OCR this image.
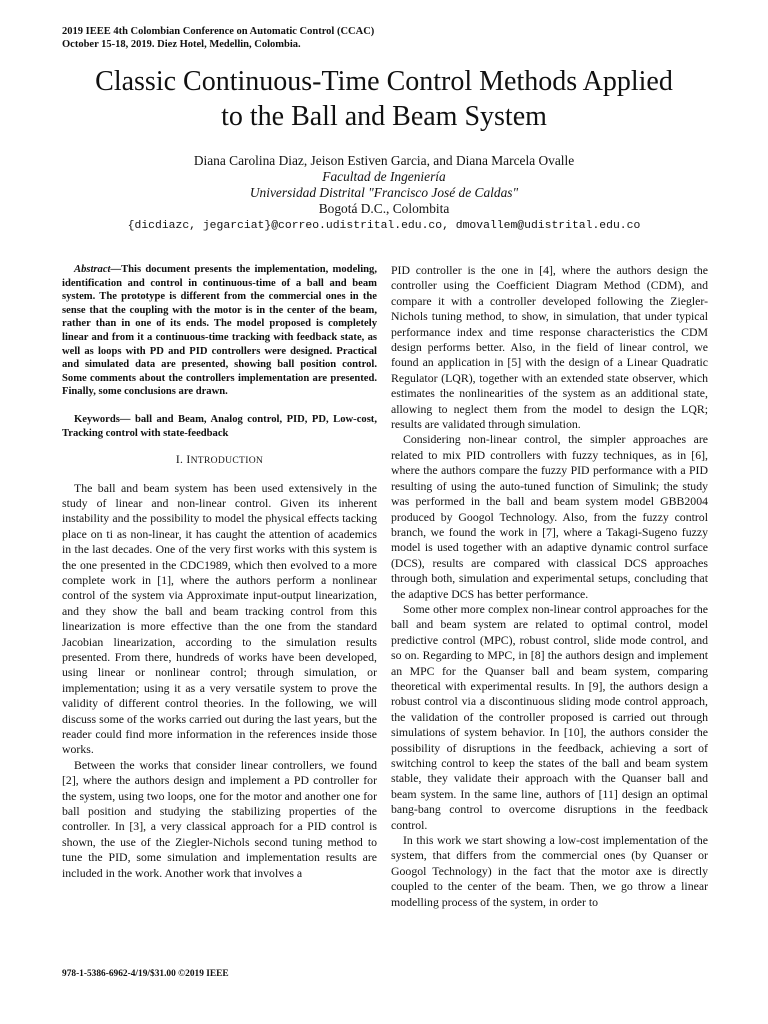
2019 IEEE 4th Colombian Conference on Automatic Control (CCAC)
October 15-18, 2019. Diez Hotel, Medellin, Colombia.
Classic Continuous-Time Control Methods Applied
to the Ball and Beam System
Diana Carolina Diaz, Jeison Estiven Garcia, and Diana Marcela Ovalle
Facultad de Ingeniería
Universidad Distrital "Francisco José de Caldas"
Bogotá D.C., Colombita
{dicdiazc, jegarciat}@correo.udistrital.edu.co, dmovallem@udistrital.edu.co

Abstract—This document presents the implementation, modeling, identification and control in continuous-time of a ball and beam system. The prototype is different from the commercial ones in the sense that the coupling with the motor is in the center of the beam, rather than in one of its ends. The model proposed is completely linear and from it a continuous-time tracking with feedback state, as well as loops with PD and PID controllers were designed. Practical and simulated data are presented, showing ball position control. Some comments about the controllers implementation are presented. Finally, some conclusions are drawn.

Keywords— ball and Beam, Analog control, PID, PD, Low-cost, Tracking control with state-feedback

I. INTRODUCTION

The ball and beam system has been used extensively in the study of linear and non-linear control. Given its inherent instability and the possibility to model the physical effects tacking place on ti as non-linear, it has caught the attention of academics in the last decades. One of the very first works with this system is the one presented in the CDC1989, which then evolved to a more complete work in [1], where the authors perform a nonlinear control of the system via Approximate input-output linearization, and they show the ball and beam tracking control from this linearization is more effective than the one from the standard Jacobian linearization, according to the simulation results presented. From there, hundreds of works have been developed, using linear or nonlinear control; through simulation, or implementation; using it as a very versatile system to prove the validity of different control theories. In the following, we will discuss some of the works carried out during the last years, but the reader could find more information in the references inside those works.

Between the works that consider linear controllers, we found [2], where the authors design and implement a PD controller for the system, using two loops, one for the motor and another one for ball position and studying the stabilizing properties of the controller. In [3], a very classical approach for a PID control is shown, the use of the Ziegler-Nichols second tuning method to tune the PID, some simulation and implementation results are included in the work. Another work that involves a

PID controller is the one in [4], where the authors design the controller using the Coefficient Diagram Method (CDM), and compare it with a controller developed following the Ziegler-Nichols tuning method, to show, in simulation, that under typical performance index and time response characteristics the CDM design performs better. Also, in the field of linear control, we found an application in [5] with the design of a Linear Quadratic Regulator (LQR), together with an extended state observer, which estimates the nonlinearities of the system as an additional state, allowing to neglect them from the model to design the LQR; results are validated through simulation.

Considering non-linear control, the simpler approaches are related to mix PID controllers with fuzzy techniques, as in [6], where the authors compare the fuzzy PID performance with a PID resulting of using the auto-tuned function of Simulink; the study was performed in the ball and beam system model GBB2004 produced by Googol Technology. Also, from the fuzzy control branch, we found the work in [7], where a Takagi-Sugeno fuzzy model is used together with an adaptive dynamic control surface (DCS), results are compared with classical DCS approaches through both, simulation and experimental setups, concluding that the adaptive DCS has better performance.

Some other more complex non-linear control approaches for the ball and beam system are related to optimal control, model predictive control (MPC), robust control, slide mode control, and so on. Regarding to MPC, in [8] the authors design and implement an MPC for the Quanser ball and beam system, comparing theoretical with experimental results. In [9], the authors design a robust control via a discontinuous sliding mode control approach, the validation of the controller proposed is carried out through simulations of system behavior. In [10], the authors consider the possibility of disruptions in the feedback, achieving a sort of switching control to keep the states of the ball and beam system stable, they validate their approach with the Quanser ball and beam system. In the same line, authors of [11] design an optimal bang-bang control to overcome disruptions in the feedback control.

In this work we start showing a low-cost implementation of the system, that differs from the commercial ones (by Quanser or Googol Technology) in the fact that the motor axe is directly coupled to the center of the beam. Then, we go throw a linear modelling process of the system, in order to

978-1-5386-6962-4/19/$31.00 ©2019 IEEE
